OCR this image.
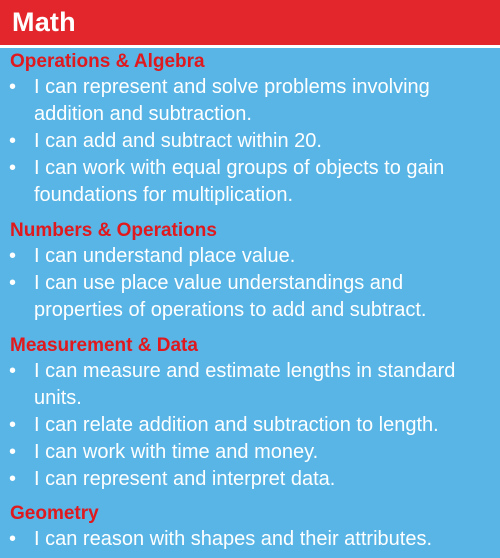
Math
Operations & Algebra
• I can represent and solve problems involving addition and subtraction.
• I can add and subtract within 20.
• I can work with equal groups of objects to gain foundations for multiplication.
Numbers & Operations
• I can understand place value.
• I can use place value understandings and properties of operations to add and subtract.
Measurement & Data
• I can measure and estimate lengths in standard units.
• I can relate addition and subtraction to length.
• I can work with time and money.
• I can represent and interpret data.
Geometry
• I can reason with shapes and their attributes.
